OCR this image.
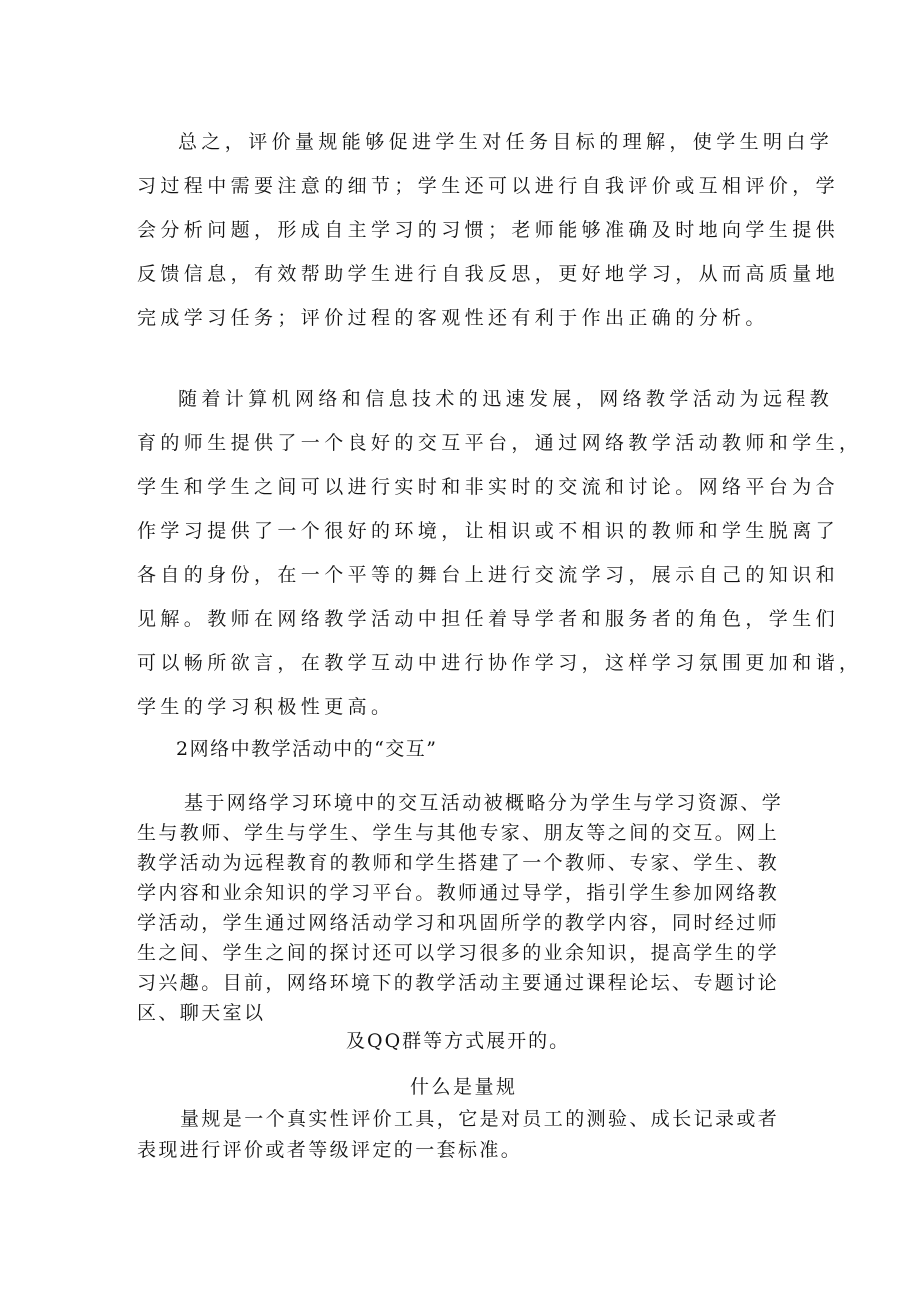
总之，评价量规能够促进学生对任务目标的理解，使学生明白学
习过程中需要注意的细节；学生还可以进行自我评价或互相评价，学
会分析问题，形成自主学习的习惯；老师能够准确及时地向学生提供
反馈信息，有效帮助学生进行自我反思，更好地学习，从而高质量地
完成学习任务；评价过程的客观性还有利于作出正确的分析。
随着计算机网络和信息技术的迅速发展，网络教学活动为远程教
育的师生提供了一个良好的交互平台，通过网络教学活动教师和学生，
学生和学生之间可以进行实时和非实时的交流和讨论。网络平台为合
作学习提供了一个很好的环境，让相识或不相识的教师和学生脱离了
各自的身份，在一个平等的舞台上进行交流学习，展示自己的知识和
见解。教师在网络教学活动中担任着导学者和服务者的角色，学生们
可以畅所欲言，在教学互动中进行协作学习，这样学习氛围更加和谐，
学生的学习积极性更高。
2网络中教学活动中的“交互”
基于网络学习环境中的交互活动被概略分为学生与学习资源、学
生与教师、学生与学生、学生与其他专家、朋友等之间的交互。网上
教学活动为远程教育的教师和学生搭建了一个教师、专家、学生、教
学内容和业余知识的学习平台。教师通过导学，指引学生参加网络教
学活动，学生通过网络活动学习和巩固所学的教学内容，同时经过师
生之间、学生之间的探讨还可以学习很多的业余知识，提高学生的学
习兴趣。目前，网络环境下的教学活动主要通过课程论坛、专题讨论
区、聊天室以
及QQ群等方式展开的。
什么是量规
量规是一个真实性评价工具，它是对员工的测验、成长记录或者
表现进行评价或者等级评定的一套标准。
